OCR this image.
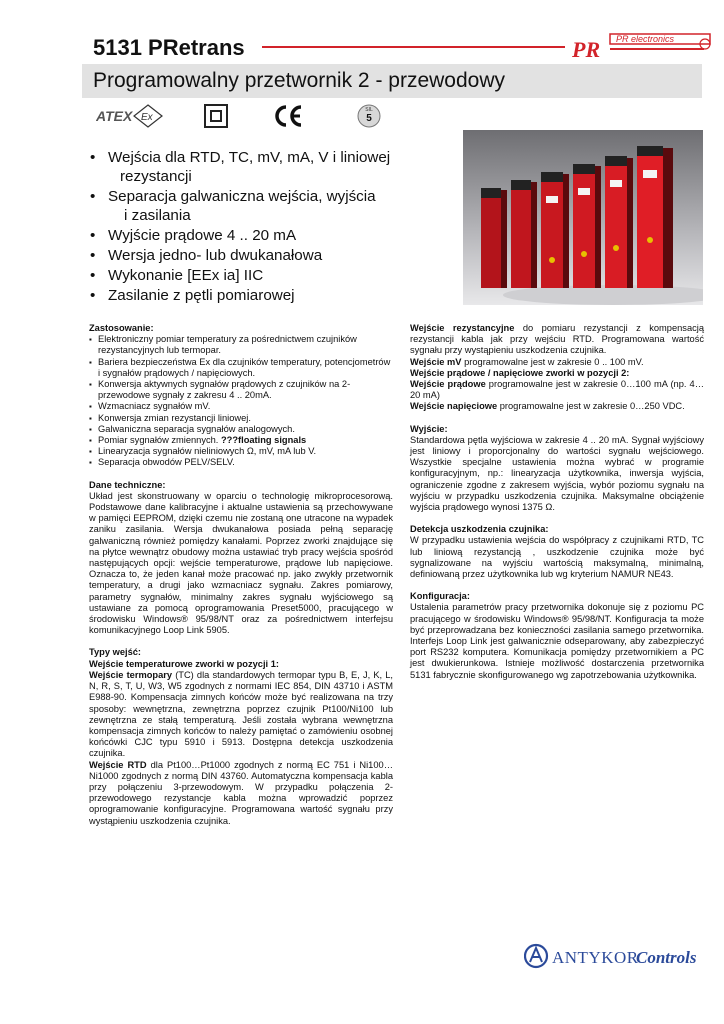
5131 PRetrans	PR electronics
PR
Programowalny przetwornik 2 - przewodowy
ATEX Ex
SIL
5
• Wejścia dla RTD, TC, mV, mA, V i liniowej
rezystancji
• Separacja galwaniczna wejścia, wyjścia
i zasilania
• Wyjście prądowe 4 .. 20 mA
• Wersja jedno- lub dwukanałowa
• Wykonanie [EEx ia] IIC
• Zasilanie z pętli pomiarowej
Zastosowanie:
▪ Elektroniczny pomiar temperatury za pośrednictwem czujników rezystancyjnych lub termopar.
▪ Bariera bezpieczeństwa Ex dla czujników temperatury, potencjometrów i sygnałów prądowych / napięciowych.
▪ Konwersja aktywnych sygnałów prądowych z czujników na 2-przewodowe sygnały z zakresu 4 .. 20mA.
▪ Wzmacniacz sygnałów mV.
▪ Konwersja zmian rezystancji liniowej.
▪ Galwaniczna separacja sygnałów analogowych.
▪ Pomiar sygnałów zmiennych. ???floating signals
▪ Linearyzacja sygnałów nieliniowych Ω, mV, mA lub V.
▪ Separacja obwodów PELV/SELV.
Dane techniczne:

Układ jest skonstruowany w oparciu o technologię mikroprocesorową. Podstawowe dane kalibracyjne i aktualne ustawienia są przechowywane w pamięci EEPROM, dzięki czemu nie zostaną one utracone na wypadek zaniku zasilania. Wersja dwukanałowa posiada pełną separację galwaniczną również pomiędzy kanałami. Poprzez zworki znajdujące się na płytce wewnątrz obudowy można ustawiać tryb pracy wejścia spośród następujących opcji: wejście temperaturowe, prądowe lub napięciowe. Oznacza to, że jeden kanał może pracować np. jako zwykły przetwornik temperatury, a drugi jako wzmacniacz sygnału. Zakres pomiarowy, parametry sygnałów, minimalny zakres sygnału wyjściowego są ustawiane za pomocą oprogramowania Preset5000, pracującego w środowisku Windows® 95/98/NT oraz za pośrednictwem interfejsu komunikacyjnego Loop Link 5905.

Typy wejść:
Wejście temperaturowe zworki w pozycji 1:

Wejście termopary (TC) dla standardowych termopar typu B, E, J, K, L, N, R, S, T, U, W3, W5 zgodnych z normami IEC 854, DIN 43710 i ASTM E988-90. Kompensacja zimnych końców może być realizowana na trzy sposoby: wewnętrzna, zewnętrzna poprzez czujnik Pt100/Ni100 lub zewnętrzna ze stałą temperaturą. Jeśli została wybrana wewnętrzna kompensacja zimnych końców to należy pamiętać o zamówieniu osobnej końcówki CJC typu 5910 i 5913. Dostępna detekcja uszkodzenia czujnika.

Wejście RTD dla Pt100…Pt1000 zgodnych z normą EC 751 i Ni100…Ni1000 zgodnych z normą DIN 43760. Automatyczna kompensacja kabla przy połączeniu 3-przewodowym. W przypadku połączenia 2-przewodowego rezystancje kabla można wprowadzić poprzez oprogramowanie konfiguracyjne. Programowana wartość sygnału przy wystąpieniu uszkodzenia czujnika.

Wejście rezystancyjne do pomiaru rezystancji z kompensacją rezystancji kabla jak przy wejściu RTD. Programowana wartość sygnału przy wystąpieniu uszkodzenia czujnika.

Wejście mV programowalne jest w zakresie 0 .. 100 mV.

Wejście prądowe / napięciowe zworki w pozycji 2:

Wejście prądowe programowalne jest w zakresie 0…100 mA (np. 4…20 mA)

Wejście napięciowe programowalne jest w zakresie 0…250 VDC.

Wyjście:

Standardowa pętla wyjściowa w zakresie 4 .. 20 mA. Sygnał wyjściowy jest liniowy i proporcjonalny do wartości sygnału wejściowego. Wszystkie specjalne ustawienia można wybrać w programie konfiguracyjnym, np.: linearyzacja użytkownika, inwersja wyjścia, ograniczenie zgodne z zakresem wyjścia, wybór poziomu sygnału na wyjściu w przypadku uszkodzenia czujnika. Maksymalne obciążenie wyjścia prądowego wynosi 1375 Ω.

Detekcja uszkodzenia czujnika:

W przypadku ustawienia wejścia do współpracy z czujnikami RTD, TC lub liniową rezystancją , uszkodzenie czujnika może być sygnalizowane na wyjściu wartością maksymalną, minimalną, definiowaną przez użytkownika lub wg kryterium NAMUR NE43.

Konfiguracja:

Ustalenia parametrów pracy przetwornika dokonuje się z poziomu PC pracującego w środowisku Windows® 95/98/NT. Konfiguracja ta może być przeprowadzana bez konieczności zasilania samego przetwornika. Interfejs Loop Link jest galwanicznie odseparowany, aby zabezpieczyć port RS232 komputera. Komunikacja pomiędzy przetwornikiem a PC jest dwukierunkowa. Istnieje możliwość dostarczenia przetwornika 5131 fabrycznie skonfigurowanego wg zapotrzebowania użytkownika.

ANTYKOR
Controls
